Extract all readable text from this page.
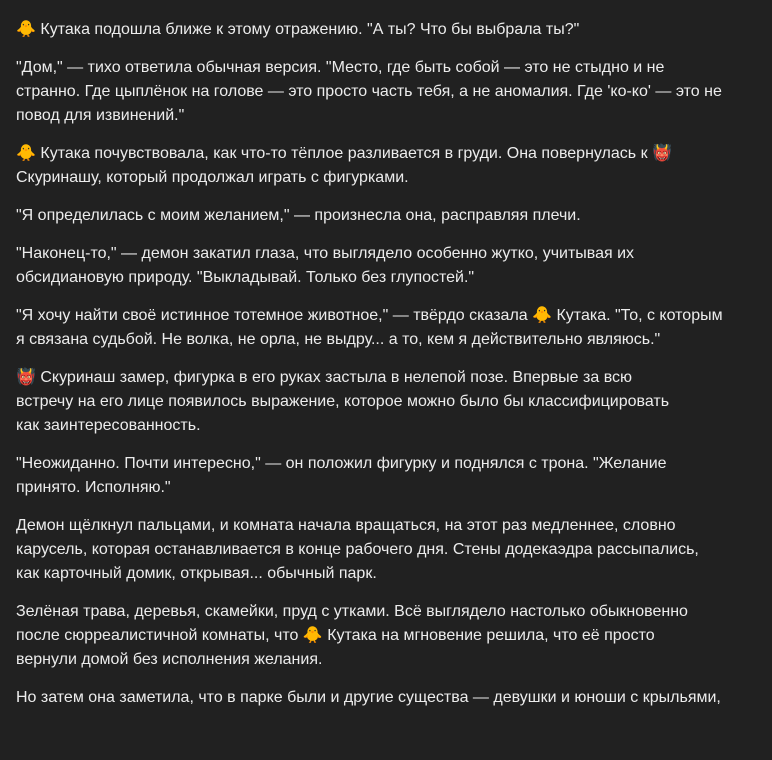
🐥 Кутака подошла ближе к этому отражению. "А ты? Что бы выбрала ты?"

"Дом," — тихо ответила обычная версия. "Место, где быть собой — это не стыдно и не
странно. Где цыплёнок на голове — это просто часть тебя, а не аномалия. Где 'ко-ко' — это не
повод для извинений."

🐥 Кутака почувствовала, как что-то тёплое разливается в груди. Она повернулась к 👹
Скуринашу, который продолжал играть с фигурками.

"Я определилась с моим желанием," — произнесла она, расправляя плечи.

"Наконец-то," — демон закатил глаза, что выглядело особенно жутко, учитывая их
обсидиановую природу. "Выкладывай. Только без глупостей."

"Я хочу найти своё истинное тотемное животное," — твёрдо сказала 🐥 Кутака. "То, с которым
я связана судьбой. Не волка, не орла, не выдру... а то, кем я действительно являюсь."

👹 Скуринаш замер, фигурка в его руках застыла в нелепой позе. Впервые за всю
встречу на его лице появилось выражение, которое можно было бы классифицировать
как заинтересованность.

"Неожиданно. Почти интересно," — он положил фигурку и поднялся с трона. "Желание
принято. Исполняю."

Демон щёлкнул пальцами, и комната начала вращаться, на этот раз медленнее, словно
карусель, которая останавливается в конце рабочего дня. Стены додекаэдра рассыпались,
как карточный домик, открывая... обычный парк.

Зелёная трава, деревья, скамейки, пруд с утками. Всё выглядело настолько обыкновенно
после сюрреалистичной комнаты, что 🐥 Кутака на мгновение решила, что её просто
вернули домой без исполнения желания.

Но затем она заметила, что в парке были и другие существа — девушки и юноши с крыльями,
